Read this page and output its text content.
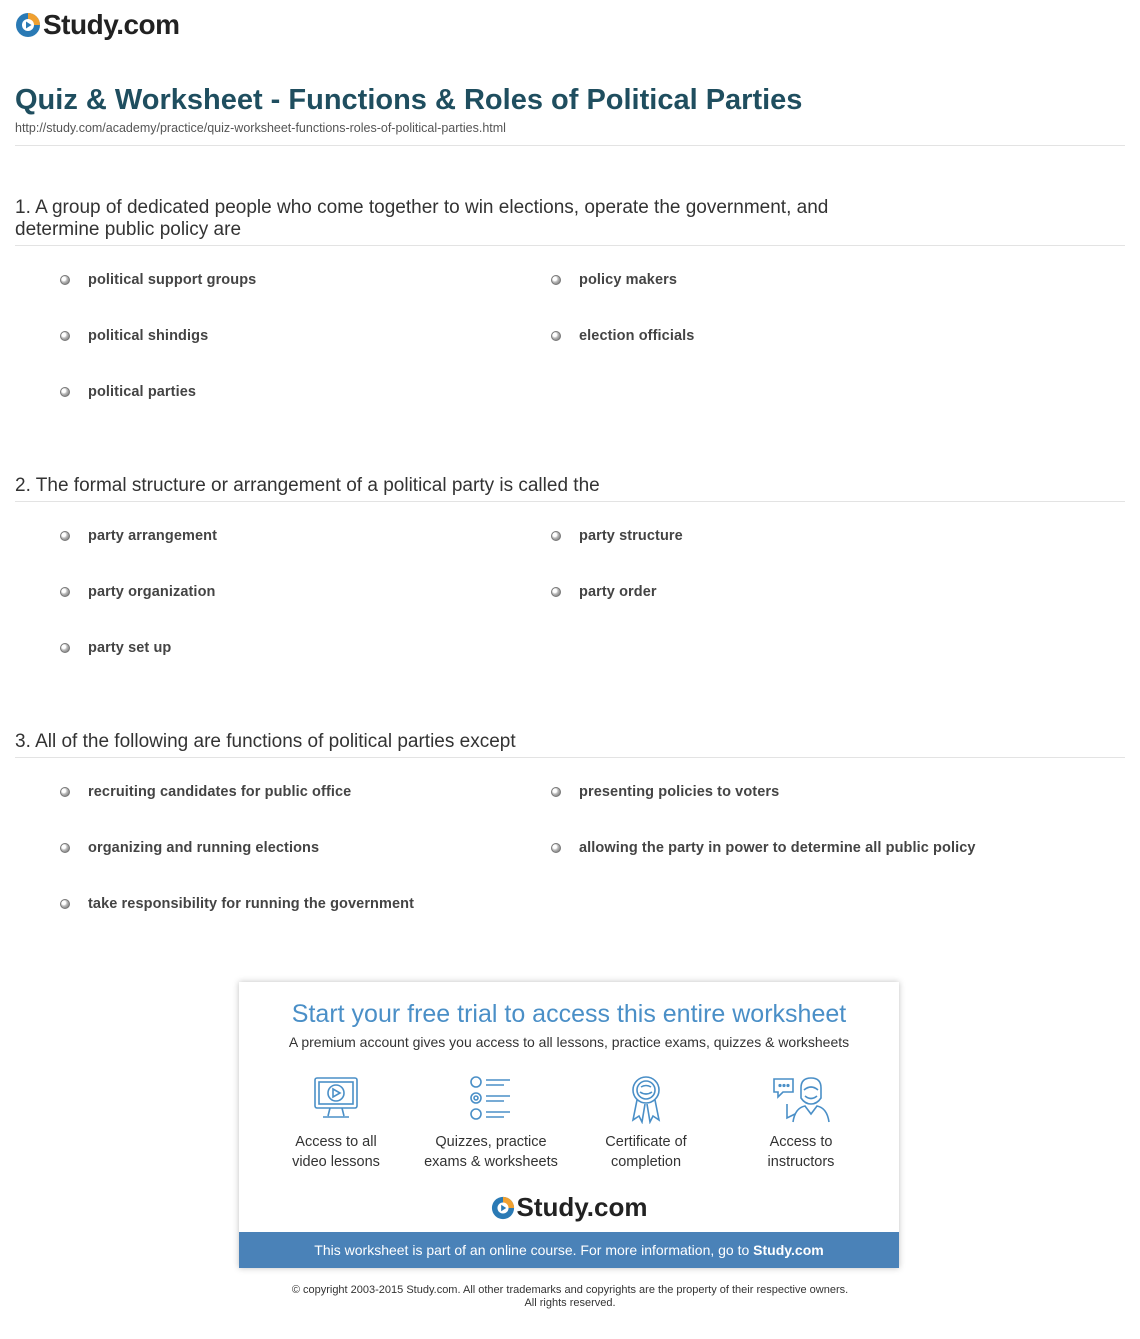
Study.com
Quiz & Worksheet - Functions & Roles of Political Parties
http://study.com/academy/practice/quiz-worksheet-functions-roles-of-political-parties.html
1. A group of dedicated people who come together to win elections, operate the government, and determine public policy are
political support groups	policy makers
political shindigs	election officials
political parties
2. The formal structure or arrangement of a political party is called the
party arrangement	party structure
party organization	party order
party set up
3. All of the following are functions of political parties except
recruiting candidates for public office	presenting policies to voters
organizing and running elections	allowing the party in power to determine all public policy
take responsibility for running the government
Start your free trial to access this entire worksheet
A premium account gives you access to all lessons, practice exams, quizzes & worksheets
Access to all
video lessons
Quizzes, practice
exams & worksheets
Certificate of
completion
Access to
instructors
Study.com
This worksheet is part of an online course. For more information, go to Study.com
© copyright 2003-2015 Study.com. All other trademarks and copyrights are the property of their respective owners.
All rights reserved.
